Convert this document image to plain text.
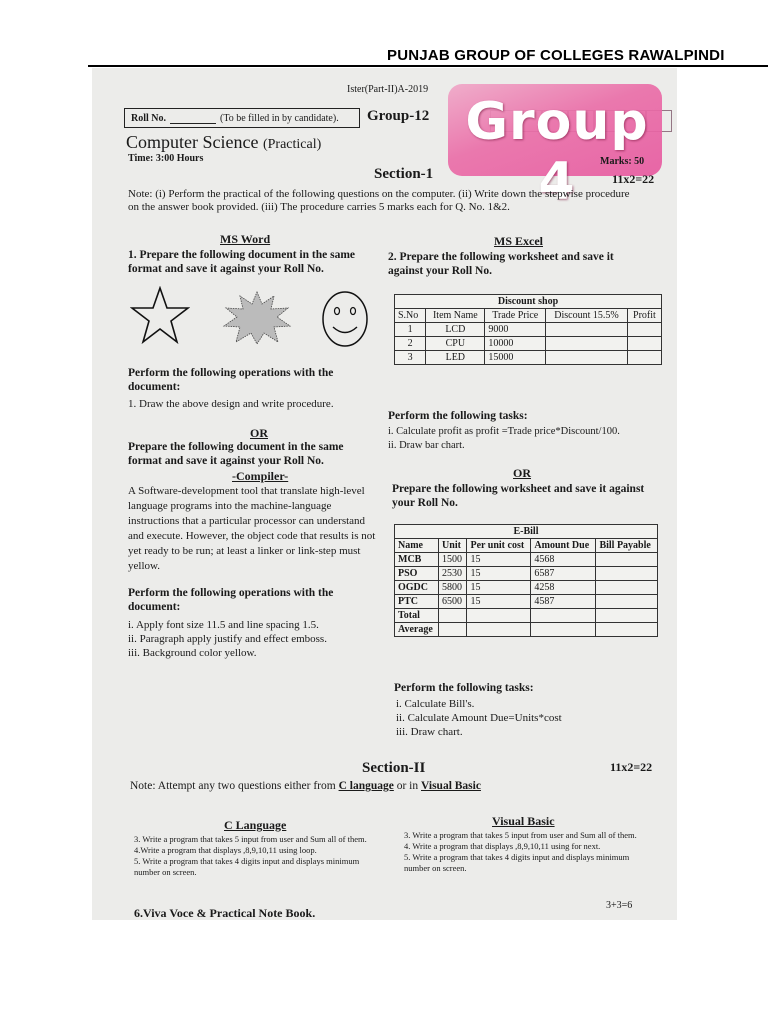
PUNJAB GROUP OF COLLEGES RAWALPINDI
Ister(Part-II)A-2019
Roll No.	(To be filled in by candidate). Group-12 Group 4
Computer Science (Practical)
Time: 3:00 Hours	Marks: 50
Section-1	11x2=22
Note: (i) Perform the practical of the following questions on the computer. (ii) Write down the stepwise procedure on the answer book provided. (iii) The procedure carries 5 marks each for Q. No. 1&2.
MS Word
1. Prepare the following document in the same format and save it against your Roll No.
Perform the following operations with the document:
1. Draw the above design and write procedure.
OR
Prepare the following document in the same format and save it against your Roll No.
-Compiler-
A Software-development tool that translate high-level language programs into the machine-language instructions that a particular processor can understand and execute. However, the object code that results is not yet ready to be run; at least a linker or link-step must yellow.
Perform the following operations with the document:
i. Apply font size 11.5 and line spacing 1.5.
ii. Paragraph apply justify and effect emboss.
iii. Background color yellow.
MS Excel
2. Prepare the following worksheet and save it against your Roll No.
Discount shop				
S.No	Item Name	Trade Price	Discount 15.5%	Profit
1	LCD	9000		
2	CPU	10000		
3	LED	15000		
Perform the following tasks:
i. Calculate profit as profit =Trade price*Discount/100.
ii. Draw bar chart.
OR
Prepare the following worksheet and save it against your Roll No.
E-Bill				
Name	Unit	Per unit cost	Amount Due	Bill Payable
MCB	1500	15	4568	
PSO	2530	15	6587	
OGDC	5800	15	4258	
PTC	6500	15	4587	
Total				
Average				
Perform the following tasks:
i. Calculate Bill's.
ii. Calculate Amount Due=Units*cost
iii. Draw chart.
Section-II	11x2=22
Note: Attempt any two questions either from C language or in Visual Basic
C Language
3. Write a program that takes 5 input from user and Sum all of them.
4.Write a program that displays ,8,9,10,11 using loop.
5. Write a program that takes 4 digits input and displays minimum number on screen.
Visual Basic
3. Write a program that takes 5 input from user and Sum all of them.
4. Write a program that displays ,8,9,10,11 using for next.
5. Write a program that takes 4 digits input and displays minimum number on screen.
6.Viva Voce & Practical Note Book.
3+3=6
